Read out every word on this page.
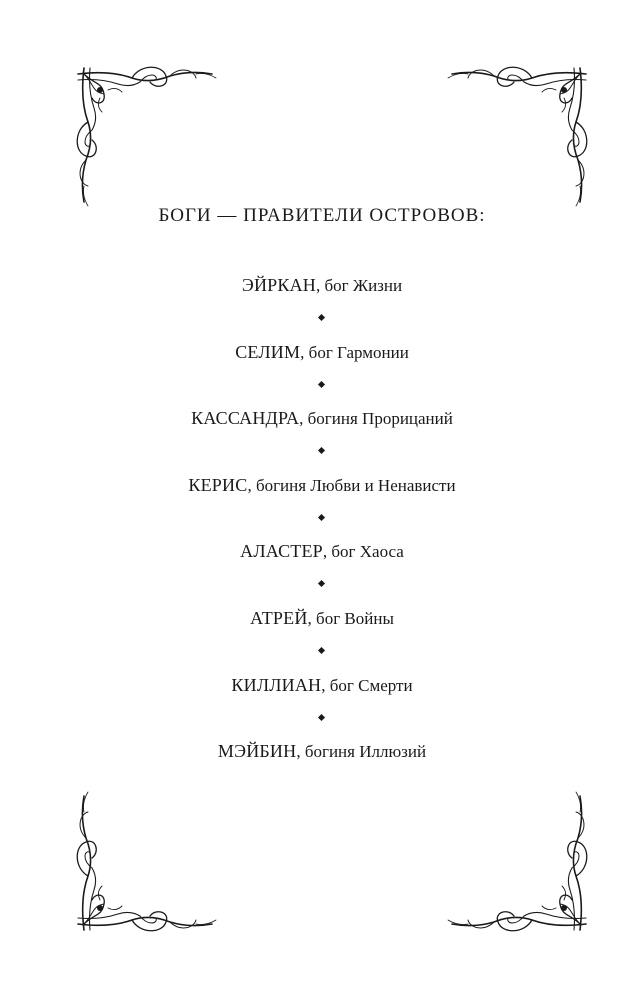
БОГИ — ПРАВИТЕЛИ ОСТРОВОВ:
ЭЙРКАН, бог Жизни
СЕЛИМ, бог Гармонии
КАССАНДРА, богиня Прорицаний
КЕРИС, богиня Любви и Ненависти
АЛАСТЕР, бог Хаоса
АТРЕЙ, бог Войны
КИЛЛИАН, бог Смерти
МЭЙБИН, богиня Иллюзий
